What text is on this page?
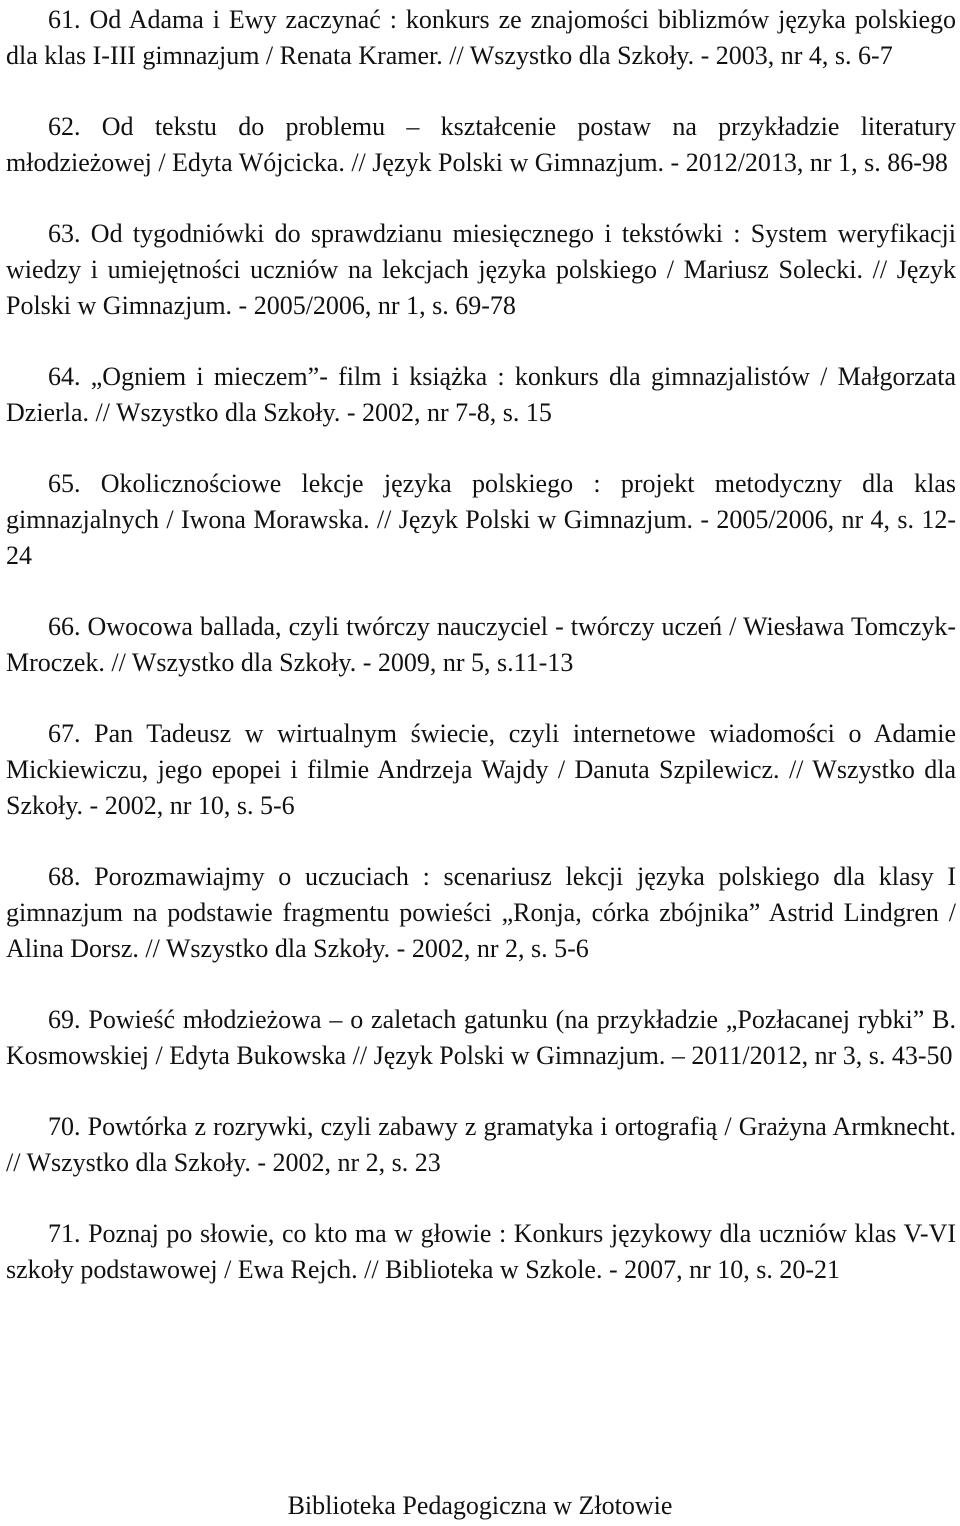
61. Od Adama i Ewy zaczynać : konkurs ze znajomości biblizmów języka polskiego dla klas I-III gimnazjum / Renata Kramer. // Wszystko dla Szkoły. - 2003, nr 4, s. 6-7

62. Od tekstu do problemu – kształcenie postaw na przykładzie literatury młodzieżowej / Edyta Wójcicka. // Język Polski w Gimnazjum. - 2012/2013, nr 1, s. 86-98

63. Od tygodniówki do sprawdzianu miesięcznego i tekstówki : System weryfikacji wiedzy i umiejętności uczniów na lekcjach języka polskiego / Mariusz Solecki. // Język Polski w Gimnazjum. - 2005/2006, nr 1, s. 69-78

64. „Ogniem i mieczem”- film i książka : konkurs dla gimnazjalistów / Małgorzata Dzierla. // Wszystko dla Szkoły. - 2002, nr 7-8, s. 15

65. Okolicznościowe lekcje języka polskiego : projekt metodyczny dla klas gimnazjalnych / Iwona Morawska. // Język Polski w Gimnazjum. - 2005/2006, nr 4, s. 12-24

66. Owocowa ballada, czyli twórczy nauczyciel - twórczy uczeń / Wiesława Tomczyk-Mroczek. // Wszystko dla Szkoły. - 2009, nr 5, s.11-13

67. Pan Tadeusz w wirtualnym świecie, czyli internetowe wiadomości o Adamie Mickiewiczu, jego epopei i filmie Andrzeja Wajdy / Danuta Szpilewicz. // Wszystko dla Szkoły. - 2002, nr 10, s. 5-6

68. Porozmawiajmy o uczuciach : scenariusz lekcji języka polskiego dla klasy I gimnazjum na podstawie fragmentu powieści „Ronja, córka zbójnika” Astrid Lindgren / Alina Dorsz. // Wszystko dla Szkoły. - 2002, nr 2, s. 5-6

69. Powieść młodzieżowa – o zaletach gatunku (na przykładzie „Pozłacanej rybki” B. Kosmowskiej / Edyta Bukowska // Język Polski w Gimnazjum. – 2011/2012, nr 3, s. 43-50

70. Powtórka z rozrywki, czyli zabawy z gramatyka i ortografią / Grażyna Armknecht. // Wszystko dla Szkoły. - 2002, nr 2, s. 23

71. Poznaj po słowie, co kto ma w głowie : Konkurs językowy dla uczniów klas V-VI szkoły podstawowej / Ewa Rejch. // Biblioteka w Szkole. - 2007, nr 10, s. 20-21

Biblioteka Pedagogiczna w Złotowie
